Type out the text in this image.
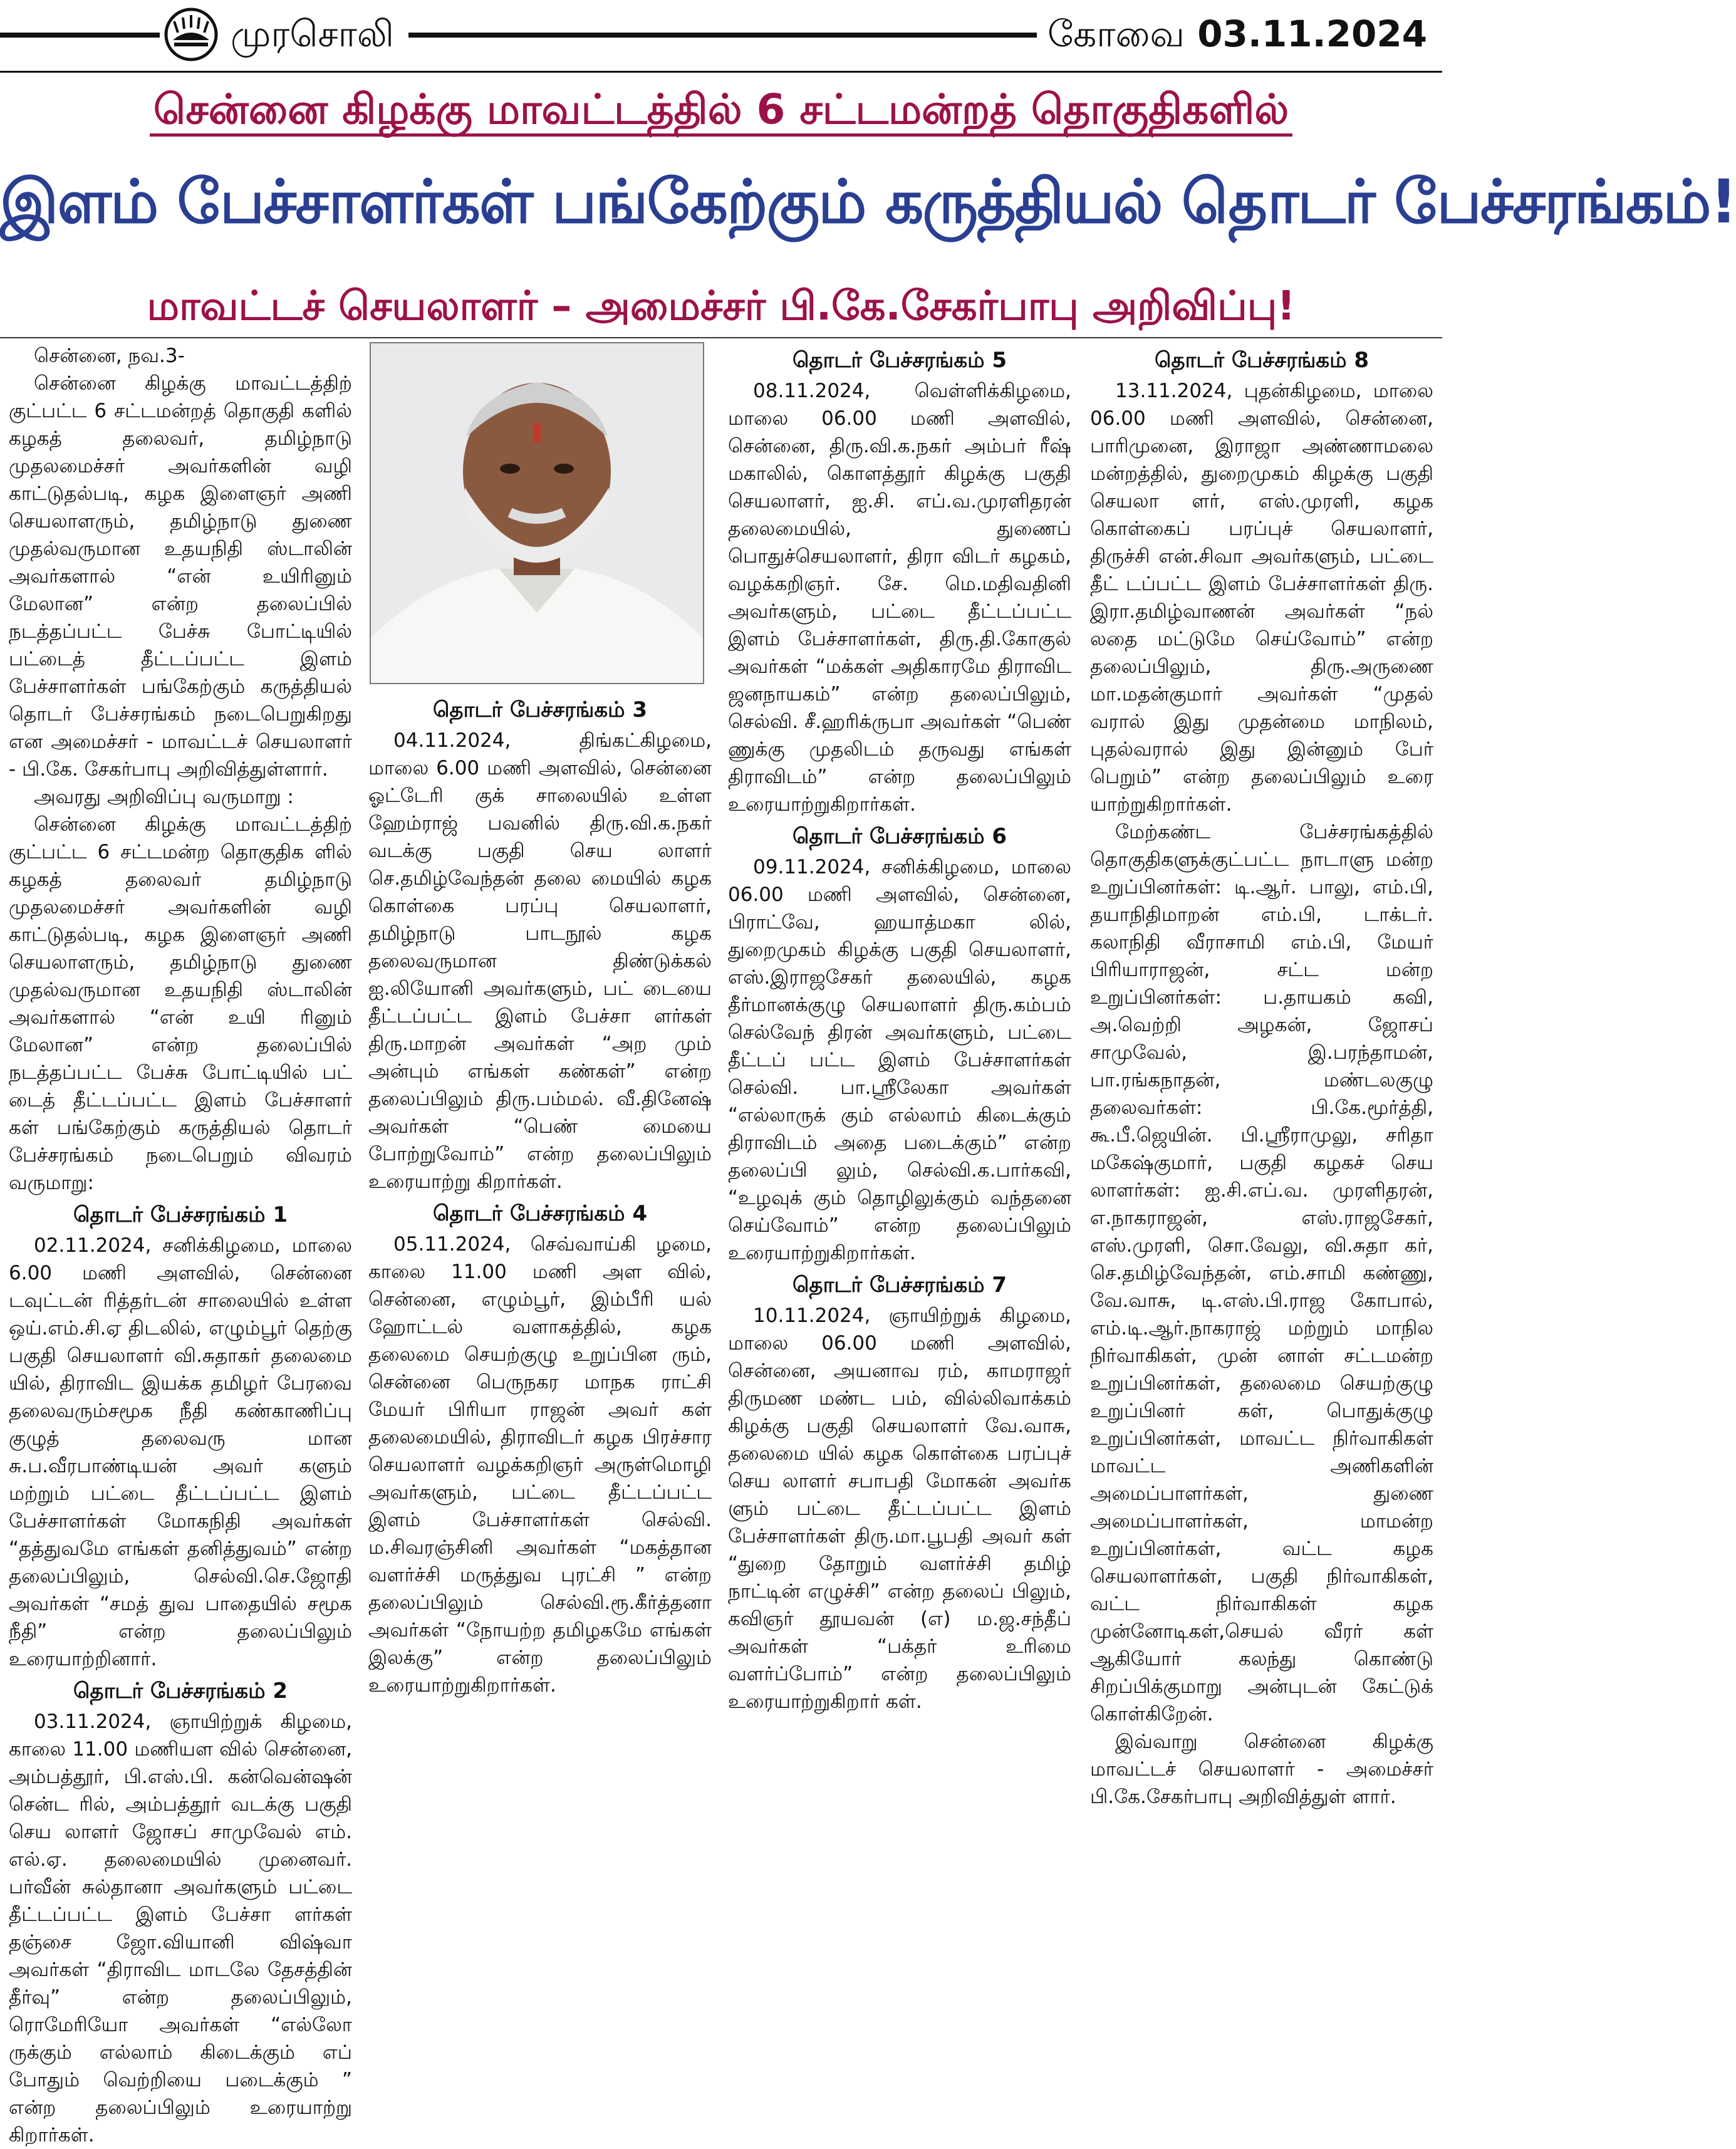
முரசொலி	கோவை 03.11.2024
சென்னை கிழக்கு மாவட்டத்தில் 6 சட்டமன்றத் தொகுதிகளில்
இளம் பேச்சாளர்கள் பங்கேற்கும் கருத்தியல் தொடர் பேச்சரங்கம்!
மாவட்டச் செயலாளர் – அமைச்சர் பி.கே.சேகர்பாபு அறிவிப்பு!

சென்னை, நவ.3-

சென்னை கிழக்கு மாவட்டத்திற் குட்பட்ட 6 சட்டமன்றத் தொகுதி களில் கழகத் தலைவர், தமிழ்நாடு முதலமைச்சர் அவர்களின் வழி காட்டுதல்படி, கழக இளைஞர் அணி செயலாளரும், தமிழ்நாடு துணை முதல்வருமான உதயநிதி ஸ்டாலின் அவர்களால் “என் உயிரினும் மேலான” என்ற தலைப்பில் நடத்தப்பட்ட பேச்சு போட்டியில் பட்டைத் தீட்டப்பட்ட இளம் பேச்சாளர்கள் பங்கேற்கும் கருத்தியல் தொடர் பேச்சரங்கம் நடைபெறுகிறது என அமைச்சர் - மாவட்டச் செயலாளர் - பி.கே. சேகர்பாபு அறிவித்துள்ளார்.

அவரது அறிவிப்பு வருமாறு :

சென்னை கிழக்கு மாவட்டத்திற் குட்பட்ட 6 சட்டமன்ற தொகுதிக ளில் கழகத் தலைவர் தமிழ்நாடு முதலமைச்சர் அவர்களின் வழி காட்டுதல்படி, கழக இளைஞர் அணி செயலாளரும், தமிழ்நாடு துணை முதல்வருமான உதயநிதி ஸ்டாலின் அவர்களால் “என் உயி ரினும் மேலான” என்ற தலைப்பில் நடத்தப்பட்ட பேச்சு போட்டியில் பட் டைத் தீட்டப்பட்ட இளம் பேச்சாளர் கள் பங்கேற்கும் கருத்தியல் தொடர் பேச்சரங்கம் நடைபெறும் விவரம் வருமாறு:

தொடர் பேச்சரங்கம் 1

02.11.2024, சனிக்கிழமை, மாலை 6.00 மணி அளவில், சென்னை டவுட்டன் ரித்தர்டன் சாலையில் உள்ள ஒய்.எம்.சி.ஏ திடலில், எழும்பூர் தெற்கு பகுதி செயலாளர் வி.சுதாகர் தலைமை யில், திராவிட இயக்க தமிழர் பேரவை தலைவரும்சமூக நீதி கண்காணிப்பு குழுத் தலைவரு மான சு.ப.வீரபாண்டியன் அவர் களும் மற்றும் பட்டை தீட்டப்பட்ட இளம் பேச்சாளர்கள் மோகநிதி அவர்கள் “தத்துவமே எங்கள் தனித்துவம்” என்ற தலைப்பிலும், செல்வி.செ.ஜோதி அவர்கள் “சமத் துவ பாதையில் சமூக நீதி” என்ற தலைப்பிலும் உரையாற்றினார்.

தொடர் பேச்சரங்கம் 2

03.11.2024, ஞாயிற்றுக் கிழமை, காலை 11.00 மணியள வில் சென்னை, அம்பத்தூர், பி.எஸ்.பி. கன்வென்ஷன் சென்ட ரில், அம்பத்தூர் வடக்கு பகுதி செய லாளர் ஜோசப் சாமுவேல் எம். எல்.ஏ. தலைமையில் முனைவர். பர்வீன் சுல்தானா அவர்களும் பட்டை தீட்டப்பட்ட இளம் பேச்சா ளர்கள் தஞ்சை ஜோ.வியானி விஷ்வா அவர்கள் “திராவிட மாடலே தேசத்தின் தீர்வு” என்ற தலைப்பிலும், ரொமேரியோ அவர்கள் “எல்லோ ருக்கும் எல்லாம் கிடைக்கும் எப் போதும் வெற்றியை படைக்கும் ” என்ற தலைப்பிலும் உரையாற்று கிறார்கள்.

தொடர் பேச்சரங்கம் 3

04.11.2024, திங்கட்கிழமை, மாலை 6.00 மணி அளவில், சென்னை ஓட்டேரி குக் சாலையில் உள்ள ஹேம்ராஜ் பவனில் திரு.வி.க.நகர் வடக்கு பகுதி செய லாளர் செ.தமிழ்வேந்தன் தலை மையில் கழக கொள்கை பரப்பு செயலாளர், தமிழ்நாடு பாடநூல் கழக தலைவருமான திண்டுக்கல் ஐ.லியோனி அவர்களும், பட் டையை தீட்டப்பட்ட இளம் பேச்சா ளர்கள் திரு.மாறன் அவர்கள் “அற மும் அன்பும் எங்கள் கண்கள்” என்ற தலைப்பிலும் திரு.பம்மல். வீ.தினேஷ் அவர்கள் “பெண் மையை போற்றுவோம்” என்ற தலைப்பிலும் உரையாற்று கிறார்கள்.

தொடர் பேச்சரங்கம் 4

05.11.2024, செவ்வாய்கி ழமை, காலை 11.00 மணி அள வில், சென்னை, எழும்பூர், இம்பீரி யல் ஹோட்டல் வளாகத்தில், கழக தலைமை செயற்குழு உறுப்பின ரும், சென்னை பெருநகர மாநக ராட்சி மேயர் பிரியா ராஜன் அவர் கள் தலைமையில், திராவிடர் கழக பிரச்சார செயலாளர் வழக்கறிஞர் அருள்மொழி அவர்களும், பட்டை தீட்டப்பட்ட இளம் பேச்சாளர்கள் செல்வி. ம.சிவரஞ்சினி அவர்கள் “மகத்தான வளர்ச்சி மருத்துவ புரட்சி ” என்ற தலைப்பிலும் செல்வி.ரூ.கீர்த்தனா அவர்கள் “நோயற்ற தமிழகமே எங்கள் இலக்கு” என்ற தலைப்பிலும் உரையாற்றுகிறார்கள்.

தொடர் பேச்சரங்கம் 5

08.11.2024, வெள்ளிக்கிழமை, மாலை 06.00 மணி அளவில், சென்னை, திரு.வி.க.நகர் அம்பர் ரீஷ் மகாலில், கொளத்தூர் கிழக்கு பகுதி செயலாளர், ஐ.சி. எப்.வ.முரளிதரன் தலைமையில், துணைப் பொதுச்செயலாளர், திரா விடர் கழகம், வழக்கறிஞர். சே. மெ.மதிவதினி அவர்களும், பட்டை தீட்டப்பட்ட இளம் பேச்சாளர்கள், திரு.தி.கோகுல் அவர்கள் “மக்கள் அதிகாரமே திராவிட ஜனநாயகம்” என்ற தலைப்பிலும், செல்வி. சீ.ஹரிக்ருபா அவர்கள் “பெண் ணுக்கு முதலிடம் தருவது எங்கள் திராவிடம்” என்ற தலைப்பிலும் உரையாற்றுகிறார்கள்.

தொடர் பேச்சரங்கம் 6

09.11.2024, சனிக்கிழமை, மாலை 06.00 மணி அளவில், சென்னை, பிராட்வே, ஹயாத்மகா லில், துறைமுகம் கிழக்கு பகுதி செயலாளர், எஸ்.இராஜசேகர் தலையில், கழக தீர்மானக்குழு செயலாளர் திரு.கம்பம் செல்வேந் திரன் அவர்களும், பட்டை தீட்டப் பட்ட இளம் பேச்சாளர்கள் செல்வி. பா.ஸ்ரீலேகா அவர்கள் “எல்லாருக் கும் எல்லாம் கிடைக்கும் திராவிடம் அதை படைக்கும்” என்ற தலைப்பி லும், செல்வி.க.பார்கவி, “உழவுக் கும் தொழிலுக்கும் வந்தனை செய்வோம்” என்ற தலைப்பிலும் உரையாற்றுகிறார்கள்.

தொடர் பேச்சரங்கம் 7

10.11.2024, ஞாயிற்றுக் கிழமை, மாலை 06.00 மணி அளவில், சென்னை, அயனாவ ரம், காமராஜர் திருமண மண்ட பம், வில்லிவாக்கம் கிழக்கு பகுதி செயலாளர் வே.வாசு, தலைமை யில் கழக கொள்கை பரப்புச் செய லாளர் சபாபதி மோகன் அவர்க ளும் பட்டை தீட்டப்பட்ட இளம் பேச்சாளர்கள் திரு.மா.பூபதி அவர் கள் “துறை தோறும் வளர்ச்சி தமிழ் நாட்டின் எழுச்சி” என்ற தலைப் பிலும், கவிஞர் தூயவன் (எ) ம.ஜ.சந்தீப் அவர்கள் “பக்தர் உரிமை வளர்ப்போம்” என்ற தலைப்பிலும் உரையாற்றுகிறார் கள்.

தொடர் பேச்சரங்கம் 8

13.11.2024, புதன்கிழமை, மாலை 06.00 மணி அளவில், சென்னை, பாரிமுனை, இராஜா அண்ணாமலை மன்றத்தில், துறைமுகம் கிழக்கு பகுதி செயலா ளர், எஸ்.முரளி, கழக கொள்கைப் பரப்புச் செயலாளர், திருச்சி என்.சிவா அவர்களும், பட்டை தீட் டப்பட்ட இளம் பேச்சாளர்கள் திரு. இரா.தமிழ்வாணன் அவர்கள் “நல் லதை மட்டுமே செய்வோம்” என்ற தலைப்பிலும், திரு.அருணை மா.மதன்குமார் அவர்கள் “முதல் வரால் இது முதன்மை மாநிலம், புதல்வரால் இது இன்னும் பேர் பெறும்” என்ற தலைப்பிலும் உரை யாற்றுகிறார்கள்.

மேற்கண்ட பேச்சரங்கத்தில் தொகுதிகளுக்குட்பட்ட நாடாளு மன்ற உறுப்பினர்கள்: டி.ஆர். பாலு, எம்.பி, தயாநிதிமாறன் எம்.பி, டாக்டர். கலாநிதி வீராசாமி எம்.பி, மேயர் பிரியாராஜன், சட்ட மன்ற உறுப்பினர்கள்: ப.தாயகம் கவி, அ.வெற்றி அழகன், ஜோசப் சாமுவேல், இ.பரந்தாமன், பா.ரங்கநாதன், மண்டலகுழு தலைவர்கள்: பி.கே.மூர்த்தி, கூ.பீ.ஜெயின். பி.ஸ்ரீராமுலு, சரிதா மகேஷ்குமார், பகுதி கழகச் செய லாளர்கள்: ஐ.சி.எப்.வ. முரளிதரன், எ.நாகராஜன், எஸ்.ராஜசேகர், எஸ்.முரளி, சொ.வேலு, வி.சுதா கர், செ.தமிழ்வேந்தன், எம்.சாமி கண்ணு, வே.வாசு, டி.எஸ்.பி.ராஜ கோபால், எம்.டி.ஆர்.நாகராஜ் மற்றும் மாநில நிர்வாகிகள், முன் னாள் சட்டமன்ற உறுப்பினர்கள், தலைமை செயற்குழு உறுப்பினர் கள், பொதுக்குழு உறுப்பினர்கள், மாவட்ட நிர்வாகிகள் மாவட்ட அணிகளின் அமைப்பாளர்கள், துணை அமைப்பாளர்கள், மாமன்ற உறுப்பினர்கள், வட்ட கழக செயலாளர்கள், பகுதி நிர்வாகிகள், வட்ட நிர்வாகிகள் கழக முன்னோடிகள்,செயல் வீரர் கள் ஆகியோர் கலந்து கொண்டு சிறப்பிக்குமாறு அன்புடன் கேட்டுக் கொள்கிறேன்.

இவ்வாறு சென்னை கிழக்கு மாவட்டச் செயலாளர் - அமைச்சர் பி.கே.சேகர்பாபு அறிவித்துள் ளார்.
